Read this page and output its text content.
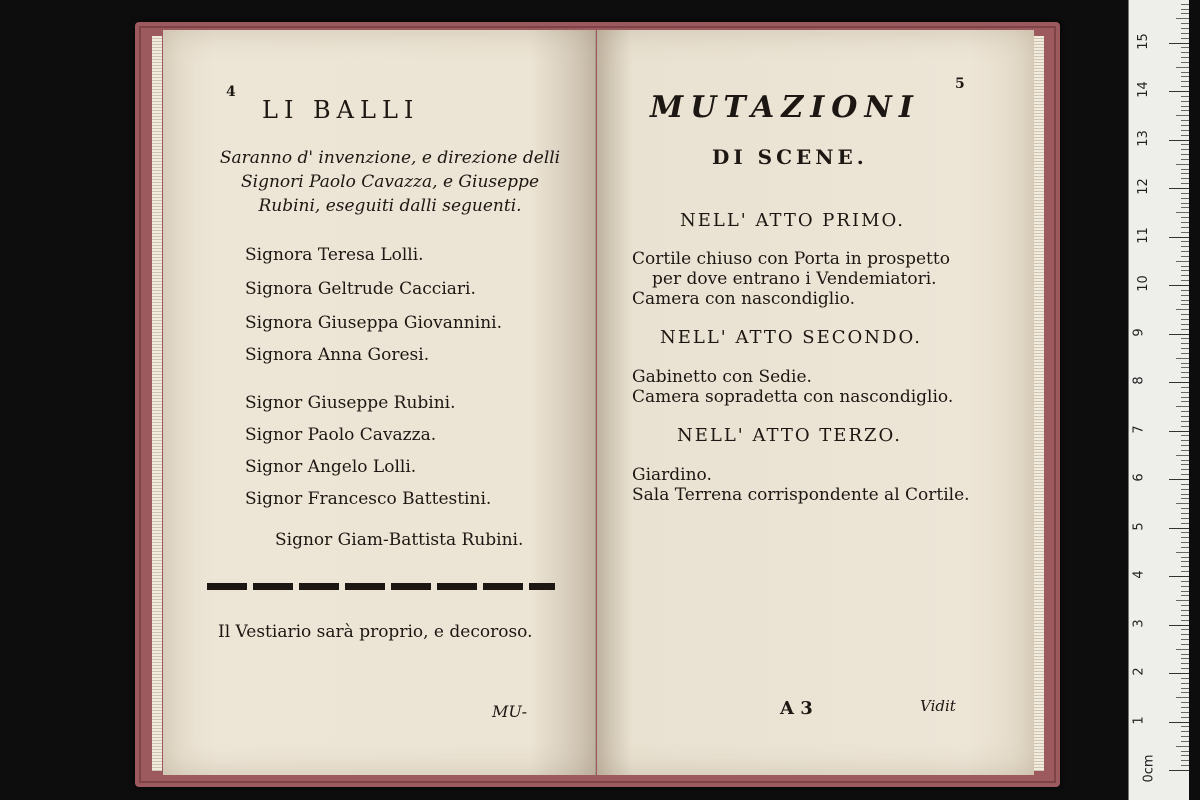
4
LI BALLI
Saranno d' invenzione, e direzione delli
Signori Paolo Cavazza, e Giuseppe
Rubini, eseguiti dalli seguenti.
Signora Teresa Lolli.
Signora Geltrude Cacciari.
Signora Giuseppa Giovannini.
Signora Anna Goresi.
Signor Giuseppe Rubini.
Signor Paolo Cavazza.
Signor Angelo Lolli.
Signor Francesco Battestini.
Signor Giam-Battista Rubini.
Il Vestiario sarà proprio, e decoroso.
MU-
5
MUTAZIONI
DI SCENE.
NELL' ATTO PRIMO.
Cortile chiuso con Porta in prospetto
per dove entrano i Vendemiatori.
Camera con nascondiglio.
NELL' ATTO SECONDO.
Gabinetto con Sedie.
Camera sopradetta con nascondiglio.
NELL' ATTO TERZO.
Giardino.
Sala Terrena corrispondente al Cortile.
A 3	Vidit
15
14
13
12
11
10
9
8
7
6
5
4
3
2
1
0cm
